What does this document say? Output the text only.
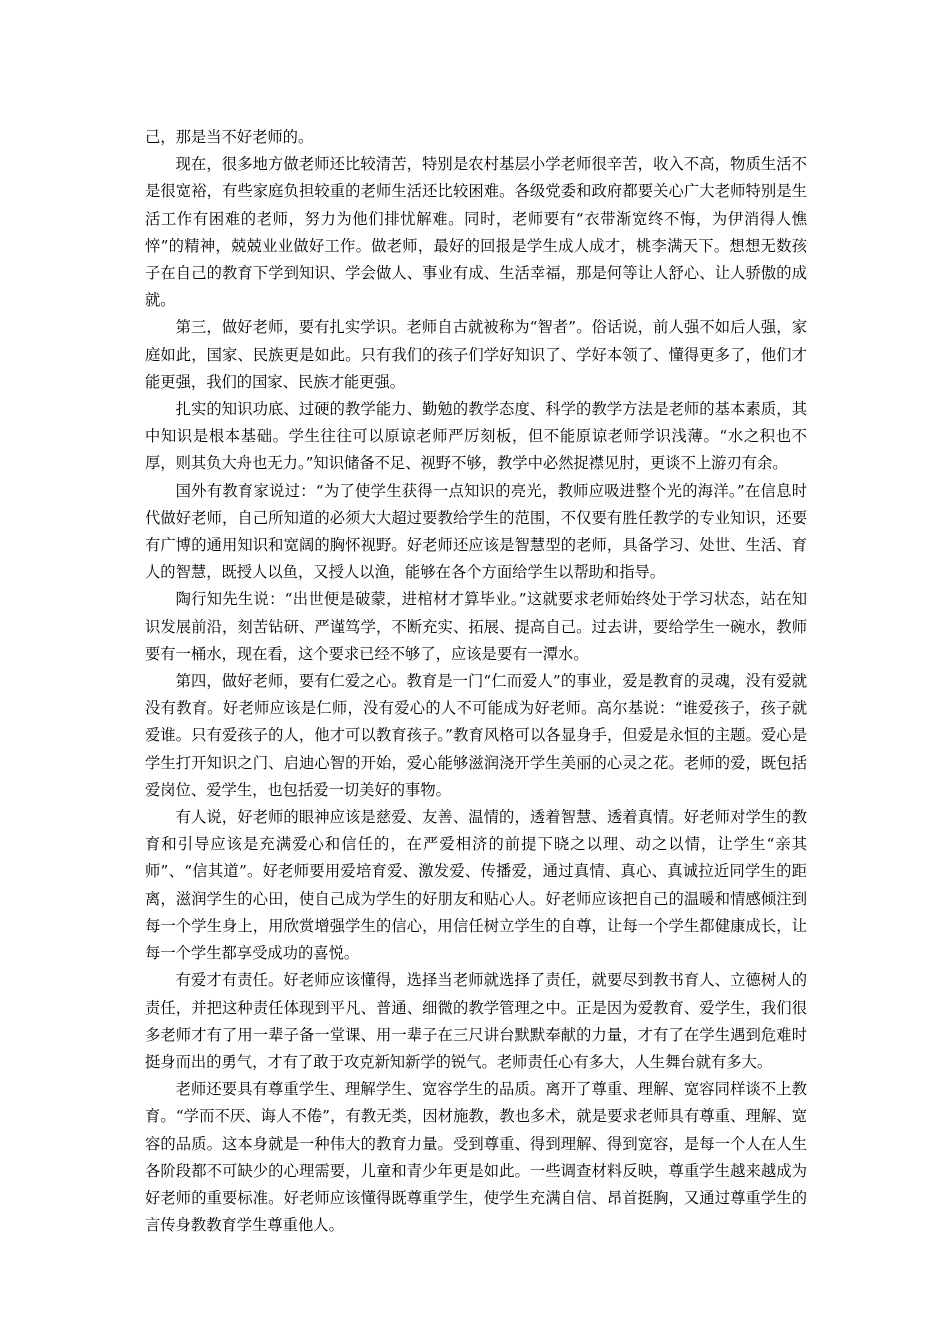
己，那是当不好老师的。

现在，很多地方做老师还比较清苦，特别是农村基层小学老师很辛苦，收入不高，物质生活不是很宽裕，有些家庭负担较重的老师生活还比较困难。各级党委和政府都要关心广大老师特别是生活工作有困难的老师，努力为他们排忧解难。同时，老师要有“衣带渐宽终不悔，为伊消得人憔悴”的精神，兢兢业业做好工作。做老师，最好的回报是学生成人成才，桃李满天下。想想无数孩子在自己的教育下学到知识、学会做人、事业有成、生活幸福，那是何等让人舒心、让人骄傲的成就。

第三，做好老师，要有扎实学识。老师自古就被称为“智者”。俗话说，前人强不如后人强，家庭如此，国家、民族更是如此。只有我们的孩子们学好知识了、学好本领了、懂得更多了，他们才能更强，我们的国家、民族才能更强。

扎实的知识功底、过硬的教学能力、勤勉的教学态度、科学的教学方法是老师的基本素质，其中知识是根本基础。学生往往可以原谅老师严厉刻板，但不能原谅老师学识浅薄。“水之积也不厚，则其负大舟也无力。”知识储备不足、视野不够，教学中必然捉襟见肘，更谈不上游刃有余。

国外有教育家说过：“为了使学生获得一点知识的亮光，教师应吸进整个光的海洋。”在信息时代做好老师，自己所知道的必须大大超过要教给学生的范围，不仅要有胜任教学的专业知识，还要有广博的通用知识和宽阔的胸怀视野。好老师还应该是智慧型的老师，具备学习、处世、生活、育人的智慧，既授人以鱼，又授人以渔，能够在各个方面给学生以帮助和指导。

陶行知先生说：“出世便是破蒙，进棺材才算毕业。”这就要求老师始终处于学习状态，站在知识发展前沿，刻苦钻研、严谨笃学，不断充实、拓展、提高自己。过去讲，要给学生一碗水，教师要有一桶水，现在看，这个要求已经不够了，应该是要有一潭水。

第四，做好老师，要有仁爱之心。教育是一门“仁而爱人”的事业，爱是教育的灵魂，没有爱就没有教育。好老师应该是仁师，没有爱心的人不可能成为好老师。高尔基说：“谁爱孩子，孩子就爱谁。只有爱孩子的人，他才可以教育孩子。”教育风格可以各显身手，但爱是永恒的主题。爱心是学生打开知识之门、启迪心智的开始，爱心能够滋润浇开学生美丽的心灵之花。老师的爱，既包括爱岗位、爱学生，也包括爱一切美好的事物。

有人说，好老师的眼神应该是慈爱、友善、温情的，透着智慧、透着真情。好老师对学生的教育和引导应该是充满爱心和信任的，在严爱相济的前提下晓之以理、动之以情，让学生“亲其师”、“信其道”。好老师要用爱培育爱、激发爱、传播爱，通过真情、真心、真诚拉近同学生的距离，滋润学生的心田，使自己成为学生的好朋友和贴心人。好老师应该把自己的温暖和情感倾注到每一个学生身上，用欣赏增强学生的信心，用信任树立学生的自尊，让每一个学生都健康成长，让每一个学生都享受成功的喜悦。

有爱才有责任。好老师应该懂得，选择当老师就选择了责任，就要尽到教书育人、立德树人的责任，并把这种责任体现到平凡、普通、细微的教学管理之中。正是因为爱教育、爱学生，我们很多老师才有了用一辈子备一堂课、用一辈子在三尺讲台默默奉献的力量，才有了在学生遇到危难时挺身而出的勇气，才有了敢于攻克新知新学的锐气。老师责任心有多大，人生舞台就有多大。

老师还要具有尊重学生、理解学生、宽容学生的品质。离开了尊重、理解、宽容同样谈不上教育。“学而不厌、诲人不倦”，有教无类，因材施教，教也多术，就是要求老师具有尊重、理解、宽容的品质。这本身就是一种伟大的教育力量。受到尊重、得到理解、得到宽容，是每一个人在人生各阶段都不可缺少的心理需要，儿童和青少年更是如此。一些调查材料反映，尊重学生越来越成为好老师的重要标准。好老师应该懂得既尊重学生，使学生充满自信、昂首挺胸，又通过尊重学生的言传身教教育学生尊重他人。
